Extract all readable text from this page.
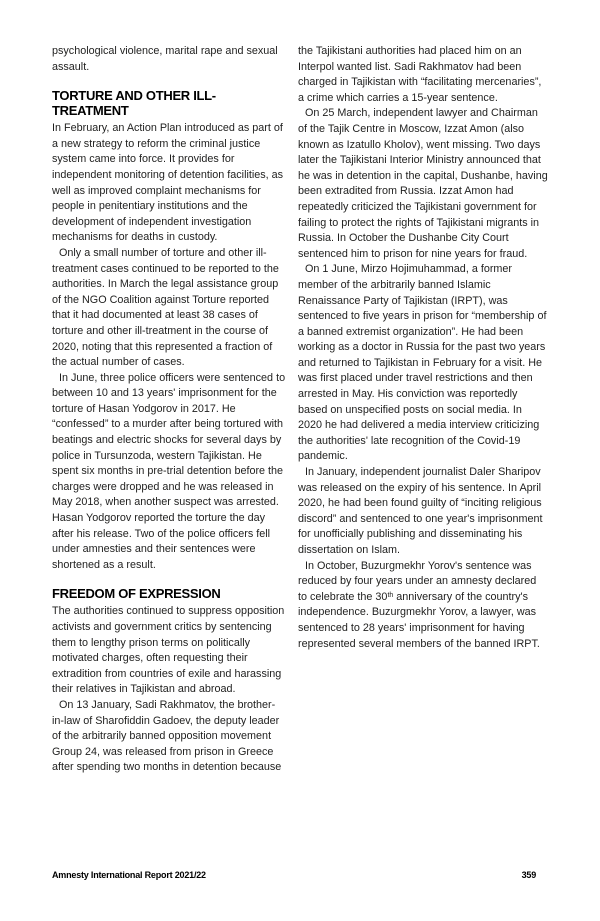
psychological violence, marital rape and sexual assault.

TORTURE AND OTHER ILL-TREATMENT

In February, an Action Plan introduced as part of a new strategy to reform the criminal justice system came into force. It provides for independent monitoring of detention facilities, as well as improved complaint mechanisms for people in penitentiary institutions and the development of independent investigation mechanisms for deaths in custody.

Only a small number of torture and other ill-treatment cases continued to be reported to the authorities. In March the legal assistance group of the NGO Coalition against Torture reported that it had documented at least 38 cases of torture and other ill-treatment in the course of 2020, noting that this represented a fraction of the actual number of cases.

In June, three police officers were sentenced to between 10 and 13 years' imprisonment for the torture of Hasan Yodgorov in 2017. He “confessed” to a murder after being tortured with beatings and electric shocks for several days by police in Tursunzoda, western Tajikistan. He spent six months in pre-trial detention before the charges were dropped and he was released in May 2018, when another suspect was arrested. Hasan Yodgorov reported the torture the day after his release. Two of the police officers fell under amnesties and their sentences were shortened as a result.

FREEDOM OF EXPRESSION

The authorities continued to suppress opposition activists and government critics by sentencing them to lengthy prison terms on politically motivated charges, often requesting their extradition from countries of exile and harassing their relatives in Tajikistan and abroad.

On 13 January, Sadi Rakhmatov, the brother-in-law of Sharofiddin Gadoev, the deputy leader of the arbitrarily banned opposition movement Group 24, was released from prison in Greece after spending two months in detention because

the Tajikistani authorities had placed him on an Interpol wanted list. Sadi Rakhmatov had been charged in Tajikistan with “facilitating mercenaries”, a crime which carries a 15-year sentence.

On 25 March, independent lawyer and Chairman of the Tajik Centre in Moscow, Izzat Amon (also known as Izatullo Kholov), went missing. Two days later the Tajikistani Interior Ministry announced that he was in detention in the capital, Dushanbe, having been extradited from Russia. Izzat Amon had repeatedly criticized the Tajikistani government for failing to protect the rights of Tajikistani migrants in Russia. In October the Dushanbe City Court sentenced him to prison for nine years for fraud.

On 1 June, Mirzo Hojimuhammad, a former member of the arbitrarily banned Islamic Renaissance Party of Tajikistan (IRPT), was sentenced to five years in prison for “membership of a banned extremist organization”. He had been working as a doctor in Russia for the past two years and returned to Tajikistan in February for a visit. He was first placed under travel restrictions and then arrested in May. His conviction was reportedly based on unspecified posts on social media. In 2020 he had delivered a media interview criticizing the authorities' late recognition of the Covid-19 pandemic.

In January, independent journalist Daler Sharipov was released on the expiry of his sentence. In April 2020, he had been found guilty of “inciting religious discord” and sentenced to one year's imprisonment for unofficially publishing and disseminating his dissertation on Islam.

In October, Buzurgmekhr Yorov's sentence was reduced by four years under an amnesty declared to celebrate the 30th anniversary of the country's independence. Buzurgmekhr Yorov, a lawyer, was sentenced to 28 years' imprisonment for having represented several members of the banned IRPT.

Amnesty International Report 2021/22	359
